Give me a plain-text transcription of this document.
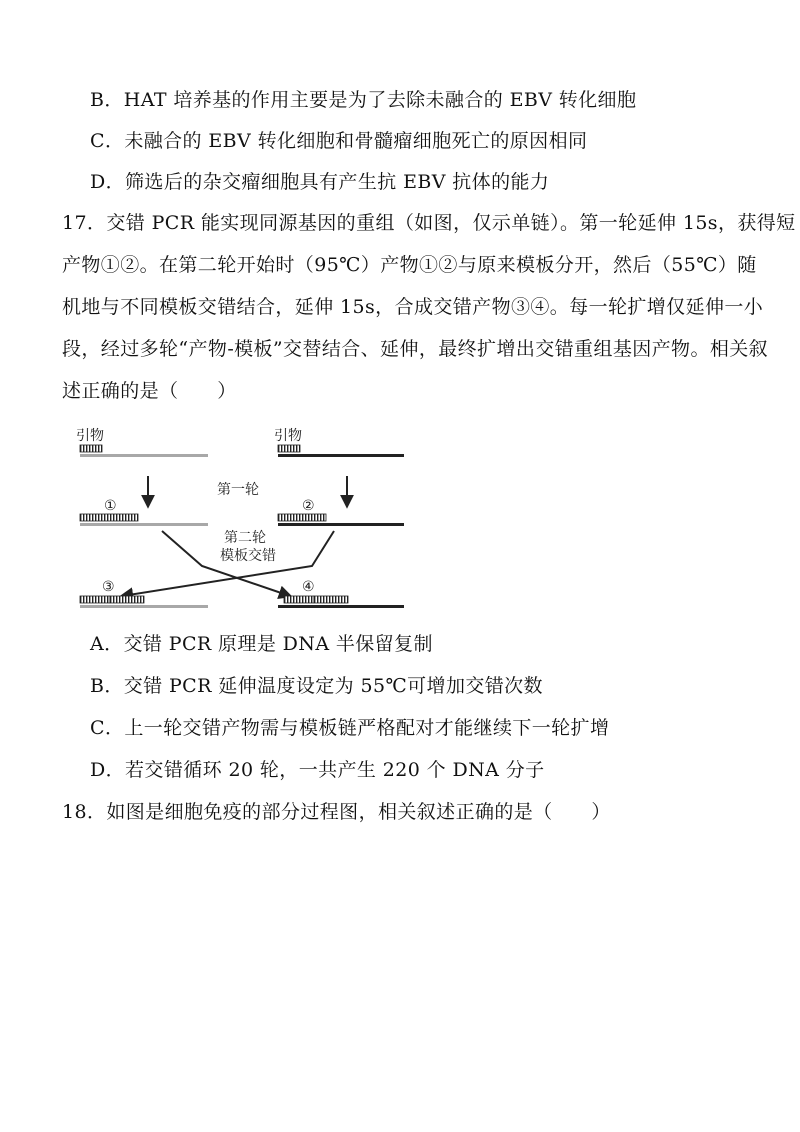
B．HAT 培养基的作用主要是为了去除未融合的 EBV 转化细胞
C．未融合的 EBV 转化细胞和骨髓瘤细胞死亡的原因相同
D．筛选后的杂交瘤细胞具有产生抗 EBV 抗体的能力
17．交错 PCR 能实现同源基因的重组（如图，仅示单链）。第一轮延伸 15s，获得短
产物①②。在第二轮开始时（95℃）产物①②与原来模板分开，然后（55℃）随
机地与不同模板交错结合，延伸 15s，合成交错产物③④。每一轮扩增仅延伸一小
段，经过多轮“产物-模板”交替结合、延伸，最终扩增出交错重组基因产物。相关叙
述正确的是（　　）
引物	引物
第一轮
①	②
第二轮
模板交错
③	④
A．交错 PCR 原理是 DNA 半保留复制
B．交错 PCR 延伸温度设定为 55℃可增加交错次数
C．上一轮交错产物需与模板链严格配对才能继续下一轮扩增
D．若交错循环 20 轮，一共产生 220 个 DNA 分子
18．如图是细胞免疫的部分过程图，相关叙述正确的是（　　）
